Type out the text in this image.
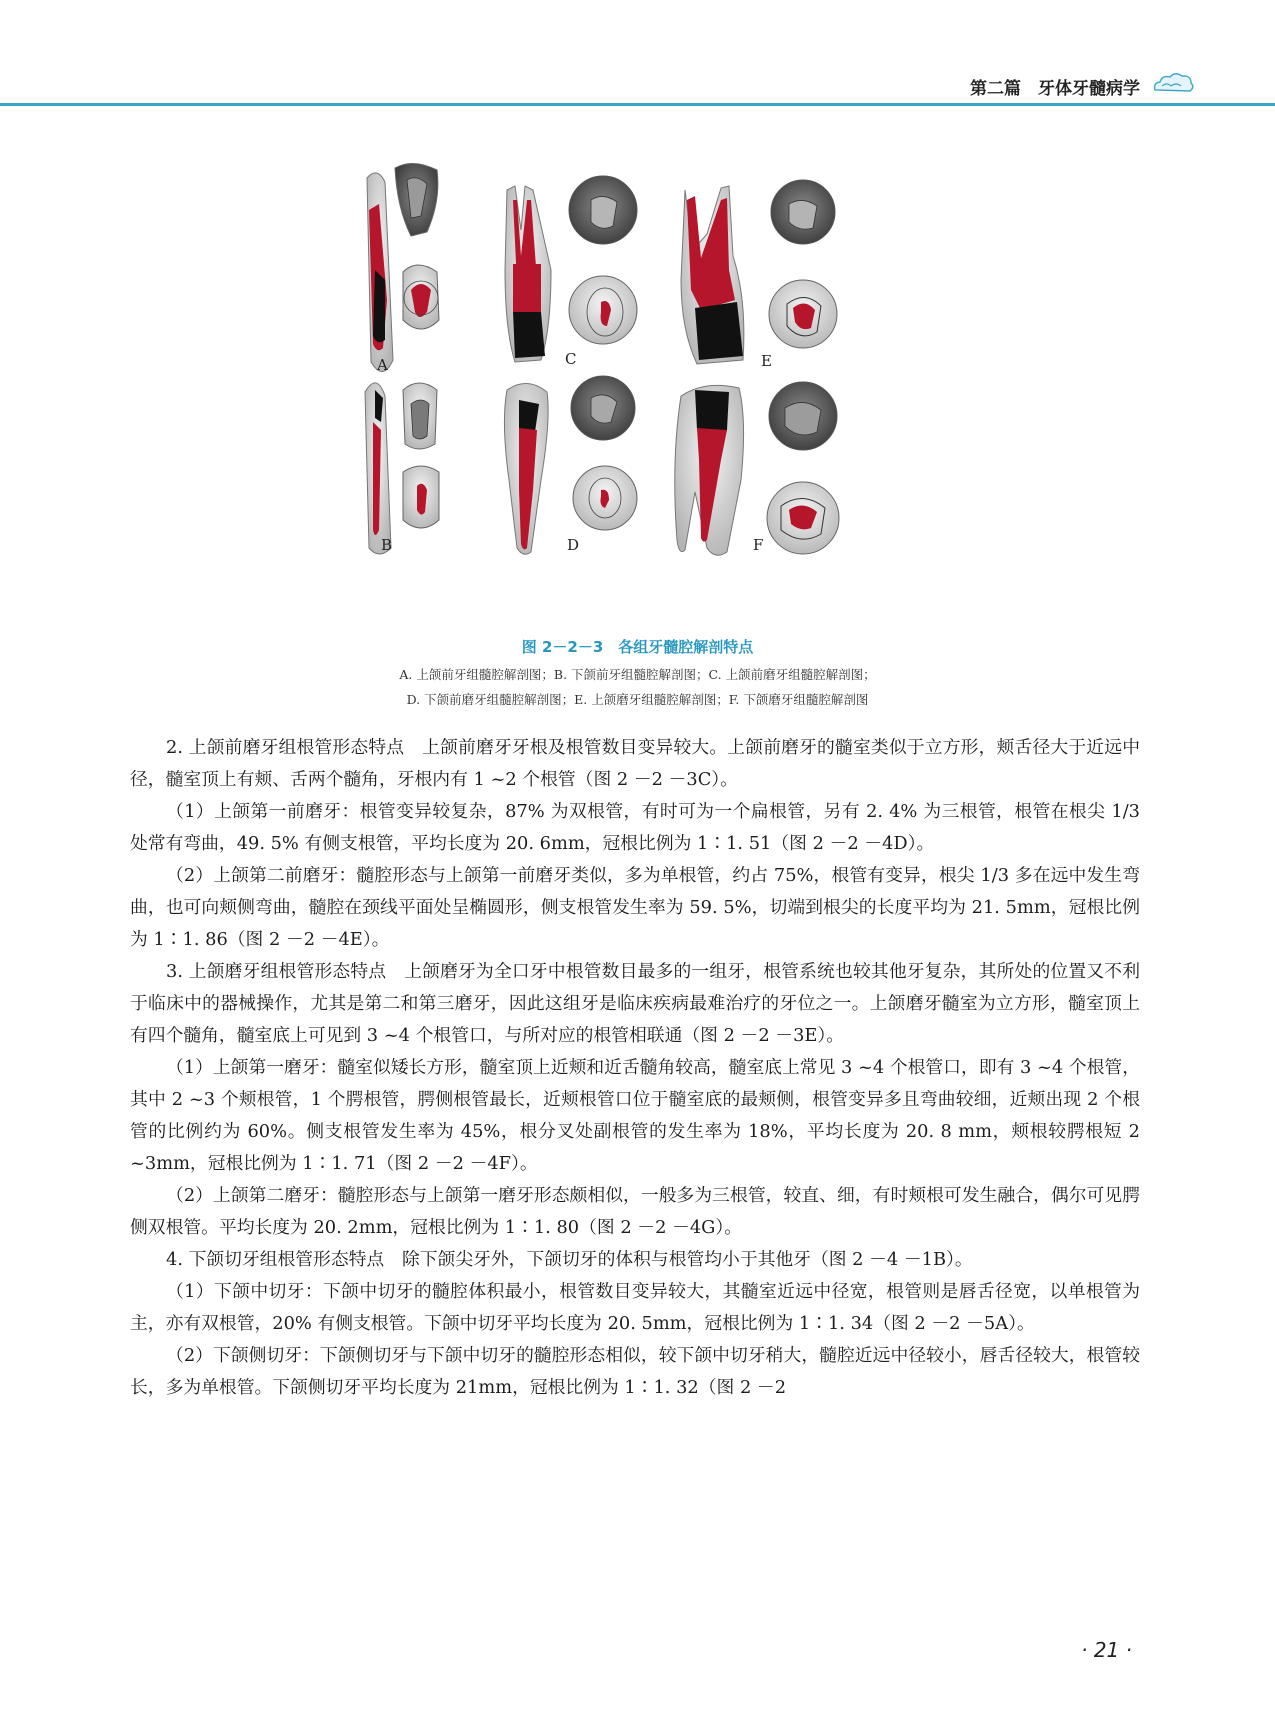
第二篇　牙体牙髓病学
A
B
C
D
E
F
图 2－2－3　各组牙髓腔解剖特点
A. 上颌前牙组髓腔解剖图；B. 下颌前牙组髓腔解剖图；C. 上颌前磨牙组髓腔解剖图；
D. 下颌前磨牙组髓腔解剖图；E. 上颌磨牙组髓腔解剖图；F. 下颌磨牙组髓腔解剖图

2. 上颌前磨牙组根管形态特点　上颌前磨牙牙根及根管数目变异较大。上颌前磨牙的髓室类似于立方形，颊舌径大于近远中径，髓室顶上有颊、舌两个髓角，牙根内有 1 ~2 个根管（图 2 －2 －3C）。

（1）上颌第一前磨牙：根管变异较复杂，87% 为双根管，有时可为一个扁根管，另有 2. 4% 为三根管，根管在根尖 1/3 处常有弯曲，49. 5% 有侧支根管，平均长度为 20. 6mm，冠根比例为 1∶1. 51（图 2 －2 －4D）。

（2）上颌第二前磨牙：髓腔形态与上颌第一前磨牙类似，多为单根管，约占 75%，根管有变异，根尖 1/3 多在远中发生弯曲，也可向颊侧弯曲，髓腔在颈线平面处呈椭圆形，侧支根管发生率为 59. 5%，切端到根尖的长度平均为 21. 5mm，冠根比例为 1∶1. 86（图 2 －2 －4E）。

3. 上颌磨牙组根管形态特点　上颌磨牙为全口牙中根管数目最多的一组牙，根管系统也较其他牙复杂，其所处的位置又不利于临床中的器械操作，尤其是第二和第三磨牙，因此这组牙是临床疾病最难治疗的牙位之一。上颌磨牙髓室为立方形，髓室顶上有四个髓角，髓室底上可见到 3 ~4 个根管口，与所对应的根管相联通（图 2 －2 －3E）。

（1）上颌第一磨牙：髓室似矮长方形，髓室顶上近颊和近舌髓角较高，髓室底上常见 3 ~4 个根管口，即有 3 ~4 个根管，其中 2 ~3 个颊根管，1 个腭根管，腭侧根管最长，近颊根管口位于髓室底的最颊侧，根管变异多且弯曲较细，近颊出现 2 个根管的比例约为 60%。侧支根管发生率为 45%，根分叉处副根管的发生率为 18%，平均长度为 20. 8 mm，颊根较腭根短 2 ~3mm，冠根比例为 1∶1. 71（图 2 －2 －4F）。

（2）上颌第二磨牙：髓腔形态与上颌第一磨牙形态颇相似，一般多为三根管，较直、细，有时颊根可发生融合，偶尔可见腭侧双根管。平均长度为 20. 2mm，冠根比例为 1∶1. 80（图 2 －2 －4G）。

4. 下颌切牙组根管形态特点　除下颌尖牙外，下颌切牙的体积与根管均小于其他牙（图 2 －4 －1B）。

（1）下颌中切牙：下颌中切牙的髓腔体积最小，根管数目变异较大，其髓室近远中径宽，根管则是唇舌径宽，以单根管为主，亦有双根管，20% 有侧支根管。下颌中切牙平均长度为 20. 5mm，冠根比例为 1∶1. 34（图 2 －2 －5A）。

（2）下颌侧切牙：下颌侧切牙与下颌中切牙的髓腔形态相似，较下颌中切牙稍大，髓腔近远中径较小，唇舌径较大，根管较长，多为单根管。下颌侧切牙平均长度为 21mm，冠根比例为 1∶1. 32（图 2 －2

· 21 ·
